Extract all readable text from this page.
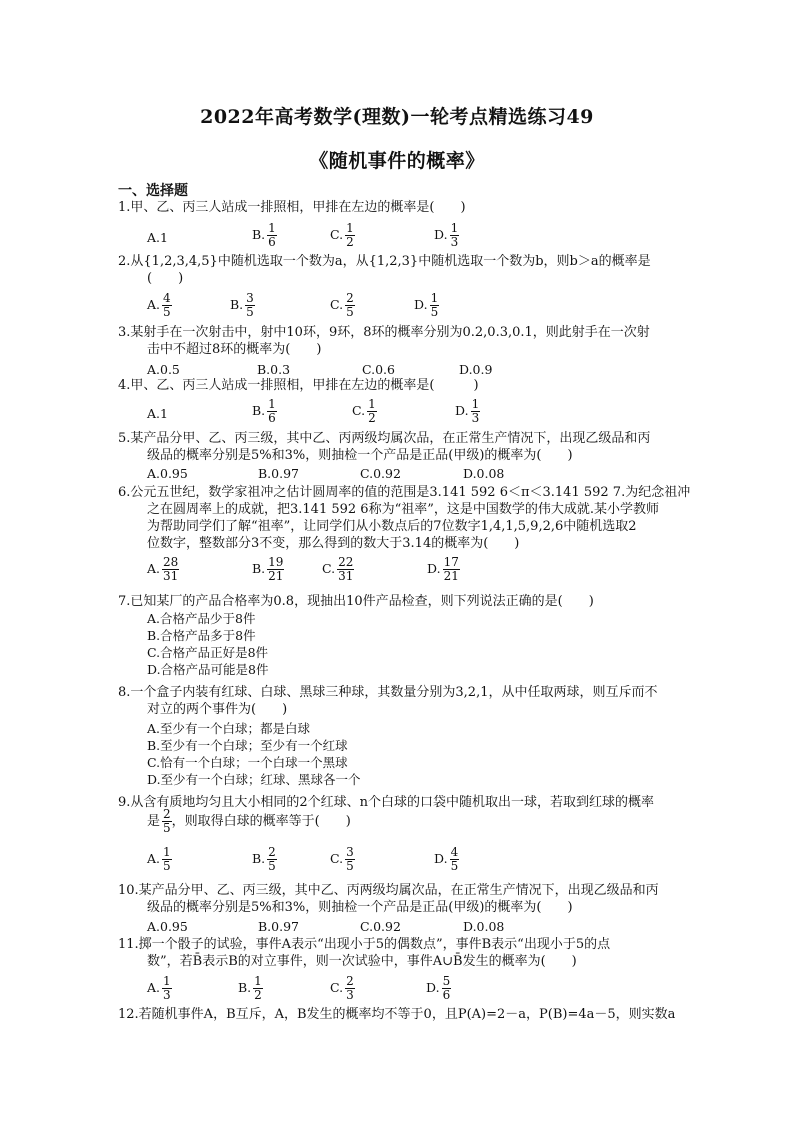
2022年高考数学(理数)一轮考点精选练习49
《随机事件的概率》
一、选择题
1.甲、乙、丙三人站成一排照相，甲排在左边的概率是(　　)
A.1	B. $\frac{1}{6}$	C. $\frac{1}{2}$	D. $\frac{1}{3}$
2.从{1,2,3,4,5}中随机选取一个数为a，从{1,2,3}中随机选取一个数为b，则b＞a的概率是
(　　)
A. $\frac{4}{5}$	B. $\frac{3}{5}$	C. $\frac{2}{5}$	D. $\frac{1}{5}$
3.某射手在一次射击中，射中10环，9环，8环的概率分别为0.2,0.3,0.1，则此射手在一次射
击中不超过8环的概率为(　　)
A.0.5	B.0.3	C.0.6	D.0.9
4.甲、乙、丙三人站成一排照相，甲排在左边的概率是(　　　)
A.1	B. $\frac{1}{6}$	C. $\frac{1}{2}$	D. $\frac{1}{3}$
5.某产品分甲、乙、丙三级，其中乙、丙两级均属次品，在正常生产情况下，出现乙级品和丙
级品的概率分别是5%和3%，则抽检一个产品是正品(甲级)的概率为(　　)
A.0.95	B.0.97	C.0.92	D.0.08
6.公元五世纪，数学家祖冲之估计圆周率的值的范围是3.141 592 6＜π＜3.141 592 7.为纪念祖冲
之在圆周率上的成就，把3.141 592 6称为“祖率”，这是中国数学的伟大成就.某小学教师
为帮助同学们了解“祖率”，让同学们从小数点后的7位数字1,4,1,5,9,2,6中随机选取2
位数字，整数部分3不变，那么得到的数大于3.14的概率为(　　)
A. $\frac{28}{31}$	B. $\frac{19}{21}$	C. $\frac{22}{31}$	D. $\frac{17}{21}$
7.已知某厂的产品合格率为0.8，现抽出10件产品检查，则下列说法正确的是(　　)
A.合格产品少于8件
B.合格产品多于8件
C.合格产品正好是8件
D.合格产品可能是8件
8.一个盒子内装有红球、白球、黑球三种球，其数量分别为3,2,1，从中任取两球，则互斥而不
对立的两个事件为(　　)
A.至少有一个白球；都是白球
B.至少有一个白球；至少有一个红球
C.恰有一个白球；一个白球一个黑球
D.至少有一个白球；红球、黑球各一个
9.从含有质地均匀且大小相同的2个红球、n个白球的口袋中随机取出一球，若取到红球的概率
是 $\frac{2}{5}$ ，则取得白球的概率等于(　　)
A. $\frac{1}{5}$	B. $\frac{2}{5}$	C. $\frac{3}{5}$	D. $\frac{4}{5}$
10.某产品分甲、乙、丙三级，其中乙、丙两级均属次品，在正常生产情况下，出现乙级品和丙
级品的概率分别是5%和3%，则抽检一个产品是正品(甲级)的概率为(　　)
A.0.95	B.0.97	C.0.92	D.0.08
11.掷一个骰子的试验，事件A表示“出现小于5的偶数点”，事件B表示“出现小于5的点
数”，若B̄表示B的对立事件，则一次试验中，事件A∪B̄发生的概率为(　　)
A. $\frac{1}{3}$	B. $\frac{1}{2}$	C. $\frac{2}{3}$	D. $\frac{5}{6}$
12.若随机事件A，B互斥，A，B发生的概率均不等于0，且P(A)=2－a，P(B)=4a－5，则实数a
